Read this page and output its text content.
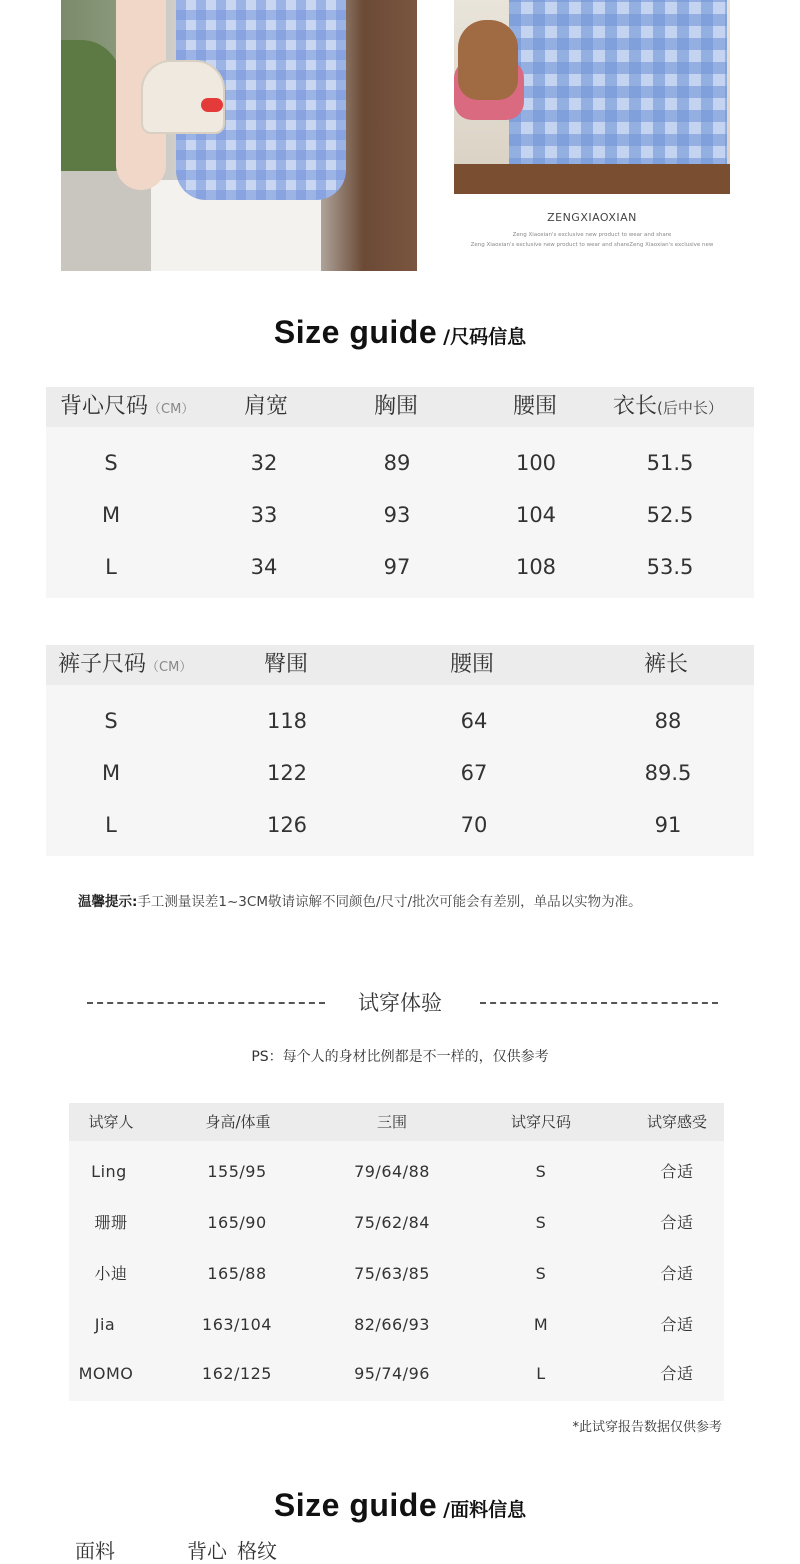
ZENGXIAOXIAN
Zeng Xiaoxian's exclusive new product to wear and share
Zeng Xiaoxian's exclusive new product to wear and shareZeng Xiaoxian's exclusive new
Size guide /尺码信息
背心尺码（CM） 肩宽	胸围	腰围	衣长(后中长）
S	32	89	100	51.5
M	33	93	104	52.5
L	34	97	108	53.5
裤子尺码（CM）	臀围	腰围	裤长
S	118	64	88
M	122	67	89.5
L	126	70	91
温馨提示:手工测量误差1~3CM敬请谅解不同颜色/尺寸/批次可能会有差别，单品以实物为准。
试穿体验
PS：每个人的身材比例都是不一样的，仅供参考
试穿人	身高/体重	三围	试穿尺码	试穿感受
Ling	155/95	79/64/88	S	合适
珊珊	165/90	75/62/84	S	合适
小迪	165/88	75/63/85	S	合适
Jia	163/104	82/66/93	M	合适
MOMO	162/125	95/74/96	L	合适
*此试穿报告数据仅供参考
Size guide /面料信息
面料	背心 格纹
